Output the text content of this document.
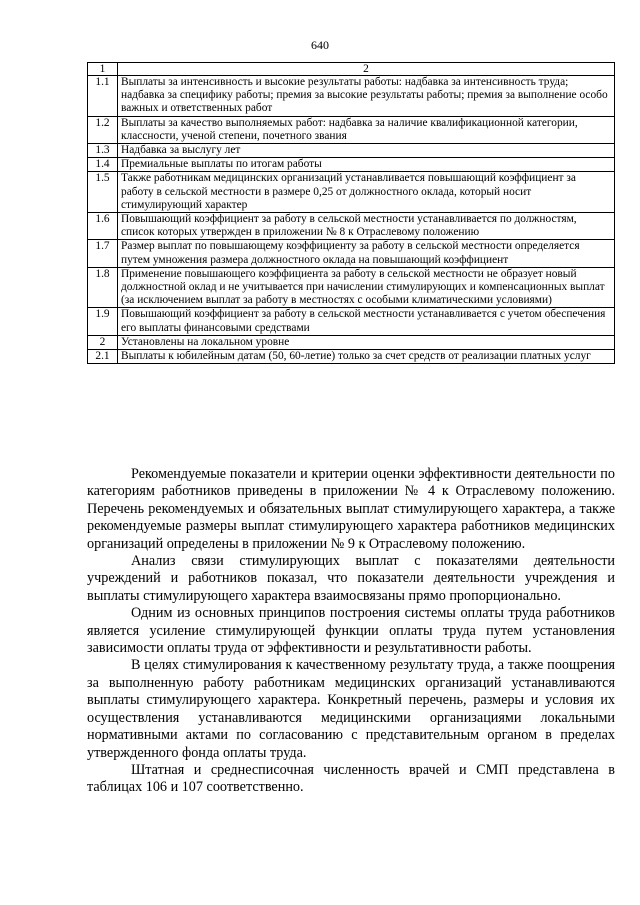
640
1	2
1.1	Выплаты за интенсивность и высокие результаты работы: надбавка за интенсивность труда; надбавка за специфику работы; премия за высокие результаты работы; премия за выполнение особо важных и ответственных работ
1.2	Выплаты за качество выполняемых работ: надбавка за наличие квалификационной категории, классности, ученой степени, почетного звания
1.3	Надбавка за выслугу лет
1.4	Премиальные выплаты по итогам работы
1.5	Также работникам медицинских организаций устанавливается повышающий коэффициент за работу в сельской местности в размере 0,25 от должностного оклада, который носит стимулирующий характер
1.6	Повышающий коэффициент за работу в сельской местности устанавливается по должностям, список которых утвержден в приложении № 8 к Отраслевому положению
1.7	Размер выплат по повышающему коэффициенту за работу в сельской местности определяется путем умножения размера должностного оклада на повышающий коэффициент
1.8	Применение повышающего коэффициента за работу в сельской местности не образует новый должностной оклад и не учитывается при начислении стимулирующих и компенсационных выплат (за исключением выплат за работу в местностях с особыми климатическими условиями)
1.9	Повышающий коэффициент за работу в сельской местности устанавливается с учетом обеспечения его выплаты финансовыми средствами
2	Установлены на локальном уровне
2.1	Выплаты к юбилейным датам (50, 60-летие) только за счет средств от реализации платных услуг

Рекомендуемые показатели и критерии оценки эффективности деятельности по категориям работников приведены в приложении № 4 к Отраслевому положению. Перечень рекомендуемых и обязательных выплат стимулирующего характера, а также рекомендуемые размеры выплат стимулирующего характера работников медицинских организаций определены в приложении № 9 к Отраслевому положению.

Анализ связи стимулирующих выплат с показателями деятельности учреждений и работников показал, что показатели деятельности учреждения и выплаты стимулирующего характера взаимосвязаны прямо пропорционально.

Одним из основных принципов построения системы оплаты труда работников является усиление стимулирующей функции оплаты труда путем установления зависимости оплаты труда от эффективности и результативности работы.

В целях стимулирования к качественному результату труда, а также поощрения за выполненную работу работникам медицинских организаций устанавливаются выплаты стимулирующего характера. Конкретный перечень, размеры и условия их осуществления устанавливаются медицинскими организациями локальными нормативными актами по согласованию с представительным органом в пределах утвержденного фонда оплаты труда.

Штатная и среднесписочная численность врачей и СМП представлена в таблицах 106 и 107 соответственно.
